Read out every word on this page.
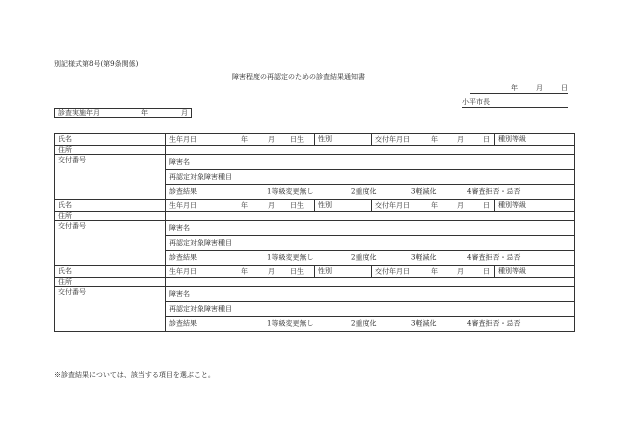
別記様式第8号(第9条関係)
障害程度の再認定のための診査結果通知書
年	月	日
小平市長
診査実施年月	年	月
氏名	生年月日 年 月 日生	性別	交付年月日 年 月 日	種別等級
住所				
交付番号	障害名			
	再認定対象障害種目			

	診査結果 1等級変更無し 2重度化 3軽減化 4審査拒否・忌否			

氏名	生年月日 年 月 日生	性別	交付年月日 年 月 日	種別等級
住所				
交付番号	障害名			
	再認定対象障害種目			

	診査結果 1等級変更無し 2重度化 3軽減化 4審査拒否・忌否			

氏名	生年月日 年 月 日生	性別	交付年月日 年 月 日	種別等級
住所				
交付番号	障害名			
	再認定対象障害種目			

	診査結果 1等級変更無し 2重度化 3軽減化 4審査拒否・忌否			
※診査結果については、該当する項目を選ぶこと。
